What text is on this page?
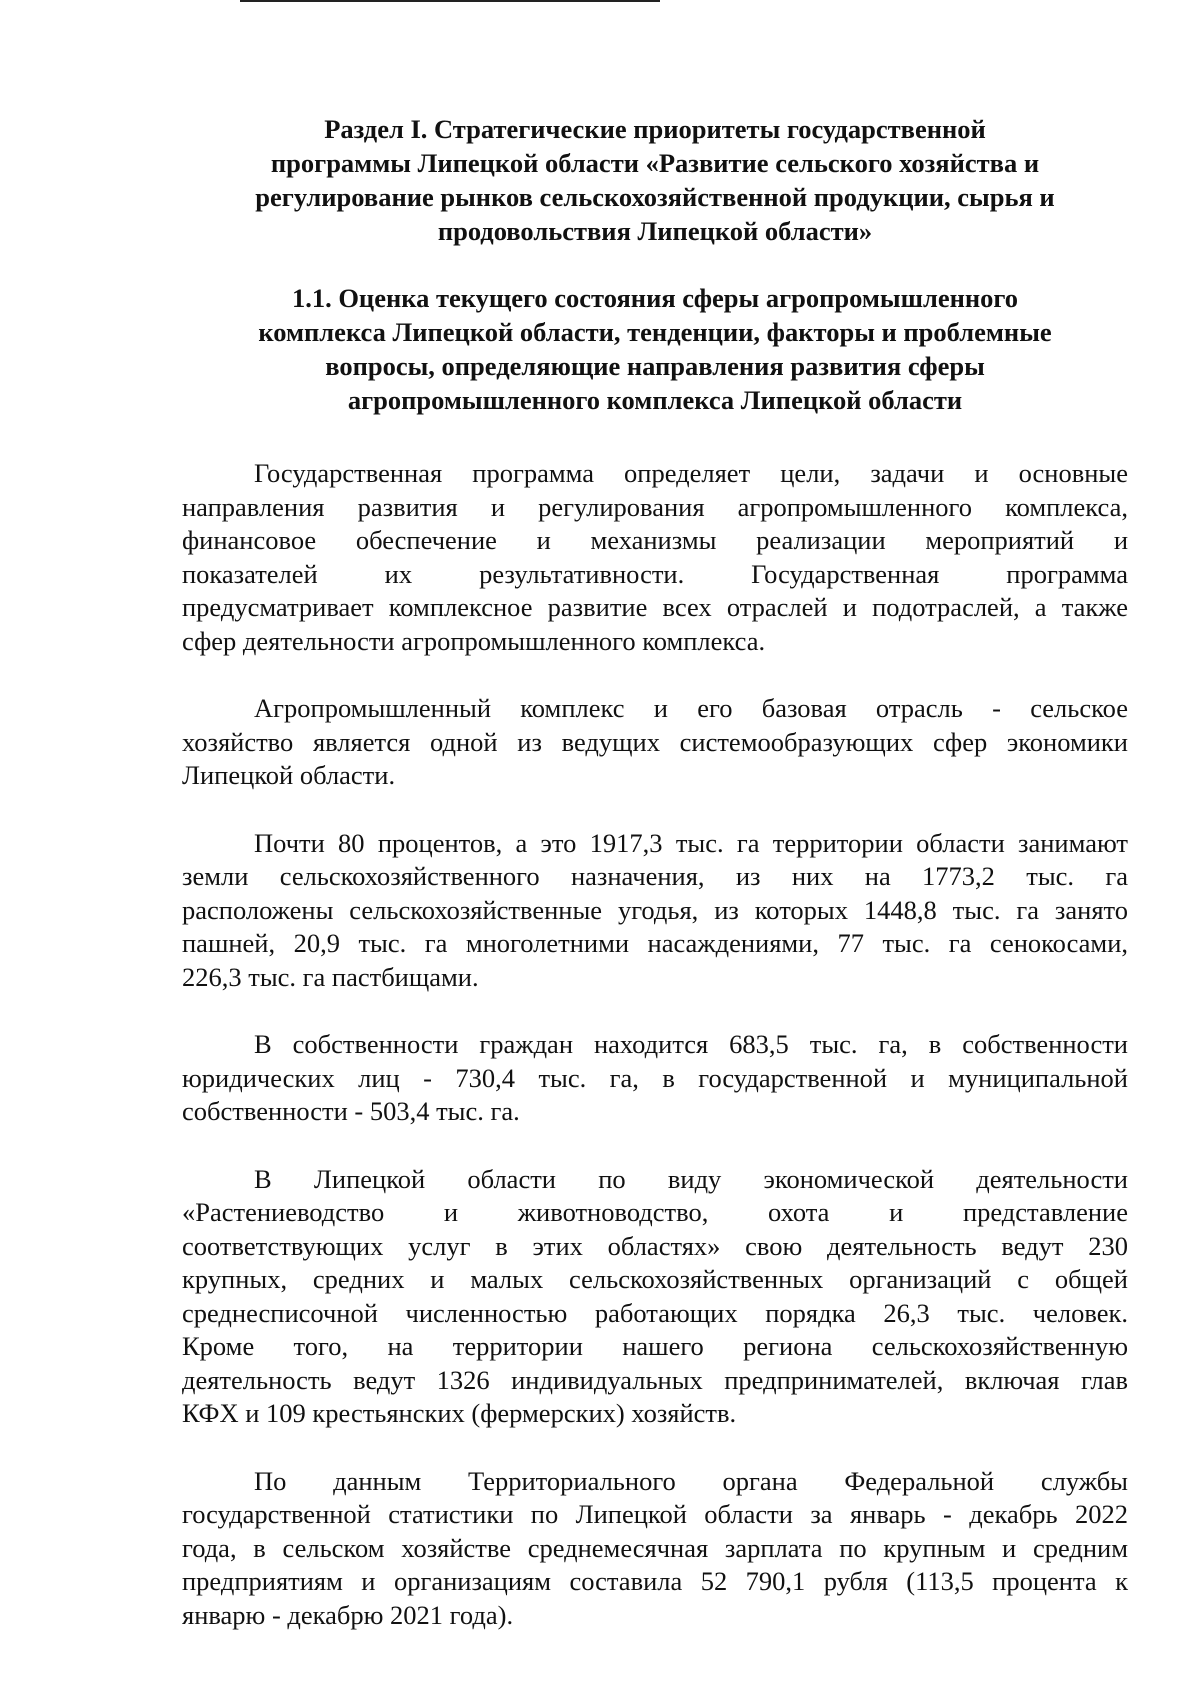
Раздел I. Стратегические приоритеты государственной
программы Липецкой области «Развитие сельского хозяйства и
регулирование рынков сельскохозяйственной продукции, сырья и
продовольствия Липецкой области»
1.1. Оценка текущего состояния сферы агропромышленного
комплекса Липецкой области, тенденции, факторы и проблемные
вопросы, определяющие направления развития сферы
агропромышленного комплекса Липецкой области

Государственная программа определяет цели, задачи и основные
направления развития и регулирования агропромышленного комплекса,
финансовое обеспечение и механизмы реализации мероприятий и
показателей их результативности. Государственная программа
предусматривает комплексное развитие всех отраслей и подотраслей, а также
сфер деятельности агропромышленного комплекса.

Агропромышленный комплекс и его базовая отрасль - сельское
хозяйство является одной из ведущих системообразующих сфер экономики
Липецкой области.

Почти 80 процентов, а это 1917,3 тыс. га территории области занимают
земли сельскохозяйственного назначения, из них на 1773,2 тыс. га
расположены сельскохозяйственные угодья, из которых 1448,8 тыс. га занято
пашней, 20,9 тыс. га многолетними насаждениями, 77 тыс. га сенокосами,
226,3 тыс. га пастбищами.

В собственности граждан находится 683,5 тыс. га, в собственности
юридических лиц - 730,4 тыс. га, в государственной и муниципальной
собственности - 503,4 тыс. га.

В Липецкой области по виду экономической деятельности
«Растениеводство и животноводство, охота и представление
соответствующих услуг в этих областях» свою деятельность ведут 230
крупных, средних и малых сельскохозяйственных организаций с общей
среднесписочной численностью работающих порядка 26,3 тыс. человек.
Кроме того, на территории нашего региона сельскохозяйственную
деятельность ведут 1326 индивидуальных предпринимателей, включая глав
КФХ и 109 крестьянских (фермерских) хозяйств.

По данным Территориального органа Федеральной службы
государственной статистики по Липецкой области за январь - декабрь 2022
года, в сельском хозяйстве среднемесячная зарплата по крупным и средним
предприятиям и организациям составила 52 790,1 рубля (113,5 процента к
январю - декабрю 2021 года).
